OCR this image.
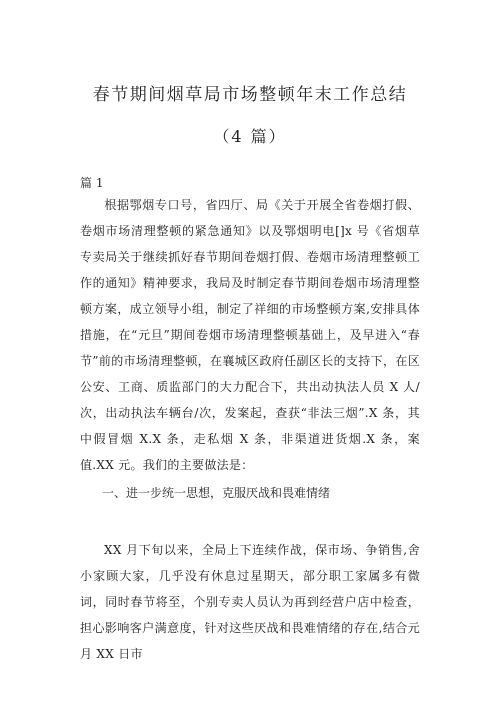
春节期间烟草局市场整顿年末工作总结
（4 篇）
篇 1
根据鄂烟专口号，省四厅、局《关于开展全省卷烟打假、卷烟市场清理整顿的紧急通知》以及鄂烟明电[]x 号《省烟草专卖局关于继续抓好春节期间卷烟打假、卷烟市场清理整顿工作的通知》精神要求，我局及时制定春节期间卷烟市场清理整顿方案，成立领导小组，制定了祥细的市场整顿方案,安排具体措施，在“元旦”期间卷烟市场清理整顿基础上，及早进入“春节”前的市场清理整顿，在襄城区政府任副区长的支持下，在区公安、工商、质监部门的大力配合下，共出动执法人员 X 人/次，出动执法车辆台/次，发案起，查获“非法三烟”.X 条，其中假冒烟 X.X 条，走私烟 X 条，非渠道进货烟.X 条，案值.XX 元。我们的主要做法是：
一、进一步统一思想，克服厌战和畏难情绪
XX 月下旬以来，全局上下连续作战，保市场、争销售,舍小家顾大家，几乎没有休息过星期天，部分职工家属多有微词，同时春节将至，个别专卖人员认为再到经营户店中检查，担心影响客户满意度，针对这些厌战和畏难情绪的存在,结合元月 XX 日市
